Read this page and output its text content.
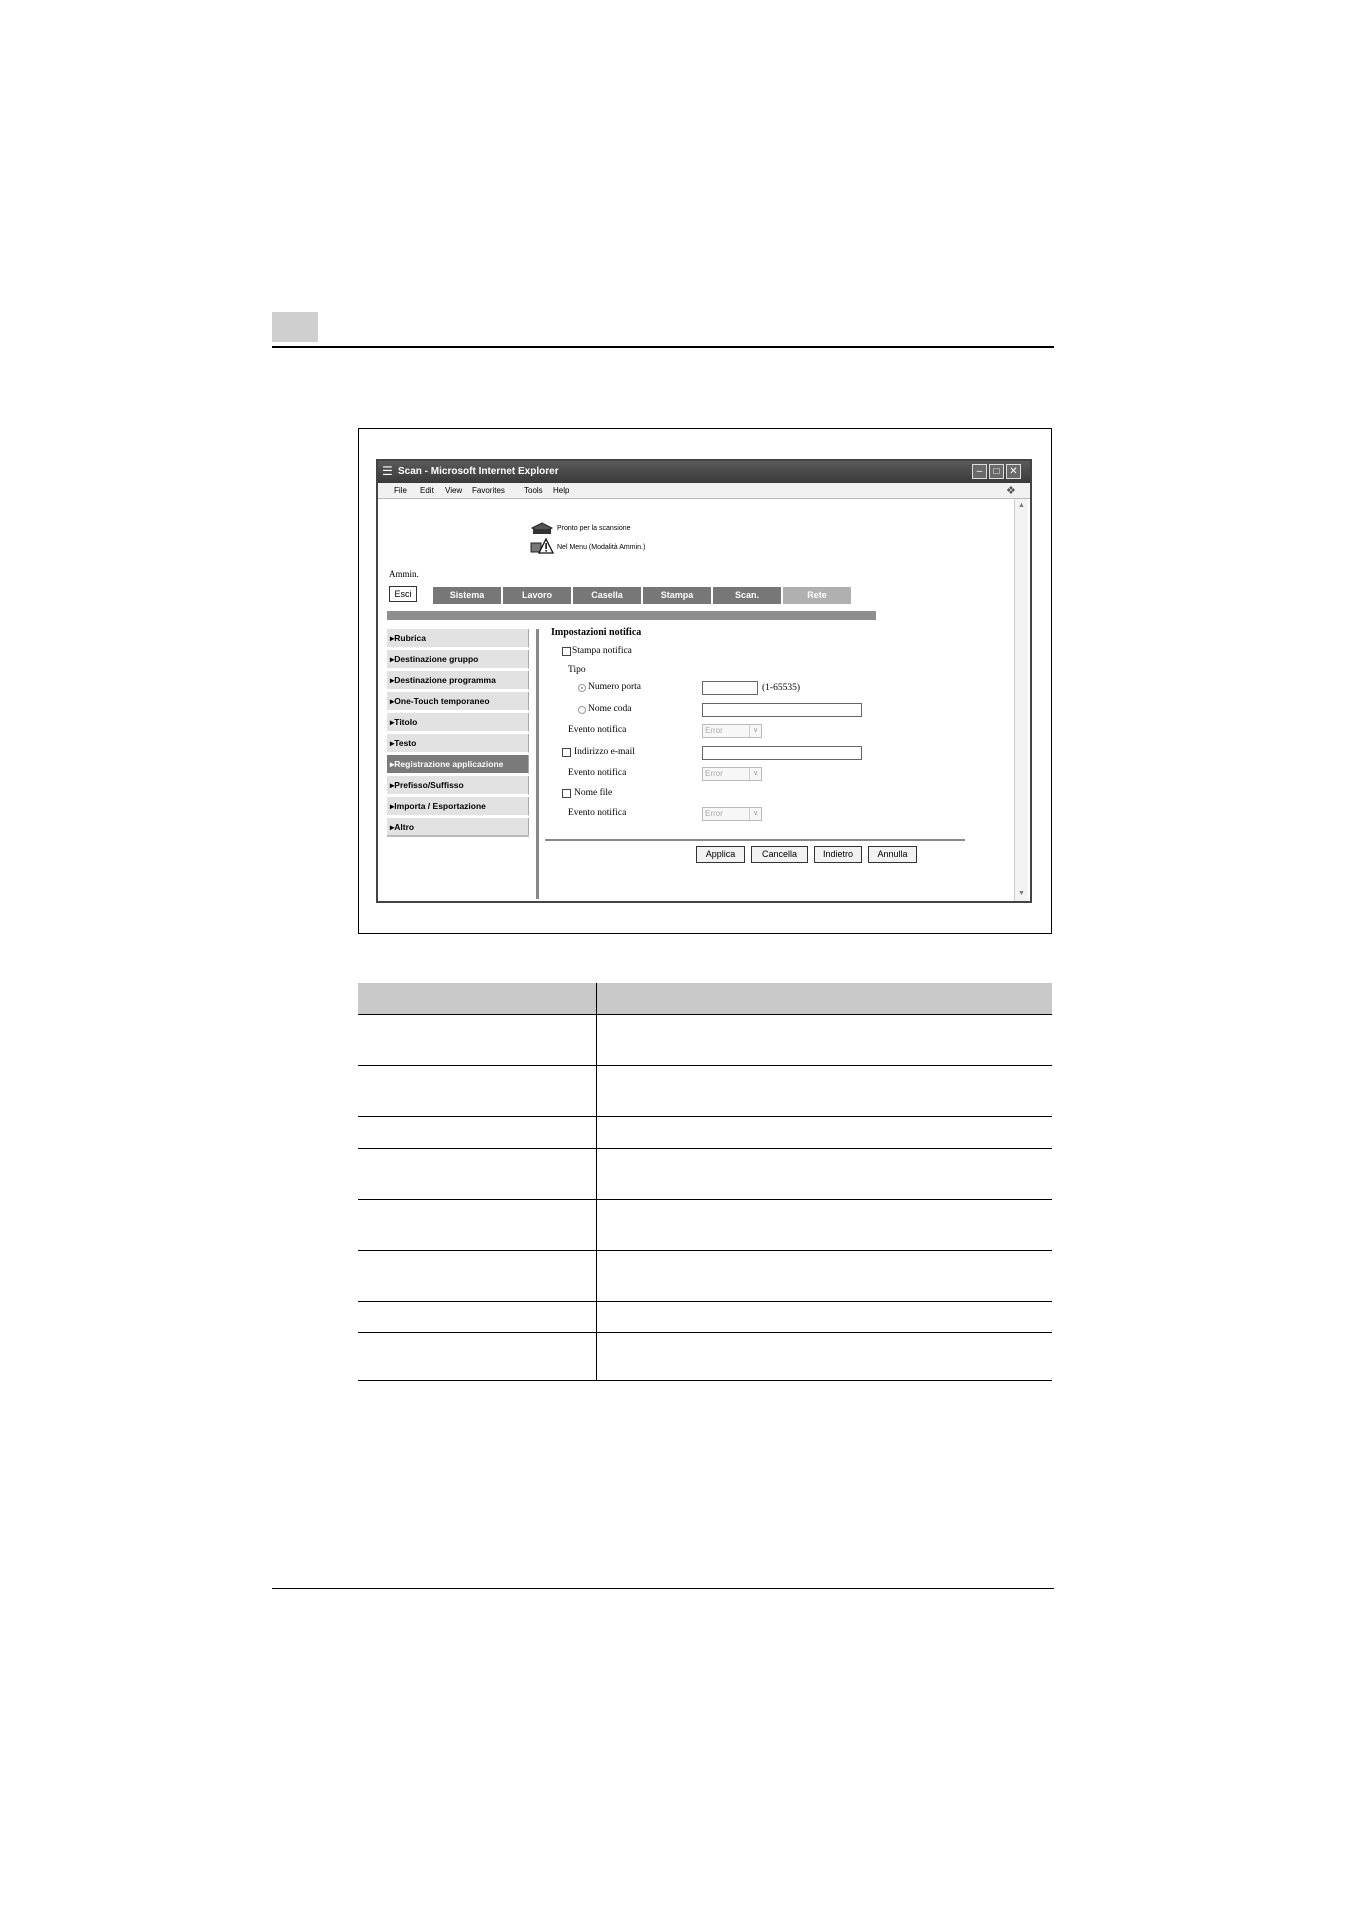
☰ Scan - Microsoft Internet Explorer	–	□ ✕
File Edit View Favorites Tools Help	❖
▲
▼
Pronto per la scansione
Nel Menu (Modalità Ammin.)
Ammin.
Esci	Sistema	Lavoro	Casella	Stampa	Scan.	Rete
▸Rubrica
▸Destinazione gruppo
▸Destinazione programma
▸One-Touch temporaneo
▸Titolo
▸Testo
▸Registrazione applicazione
▸Prefisso/Suffisso
▸Importa / Esportazione
▸Altro
Impostazioni notifica
Stampa notifica
Tipo
Numero porta	(1-65535)
Nome coda
Evento notifica	Error	∨
Indirizzo e-mail
Evento notifica	Error	∨
Nome file
Evento notifica	Error	∨
Applica	Cancella	Indietro	Annulla
